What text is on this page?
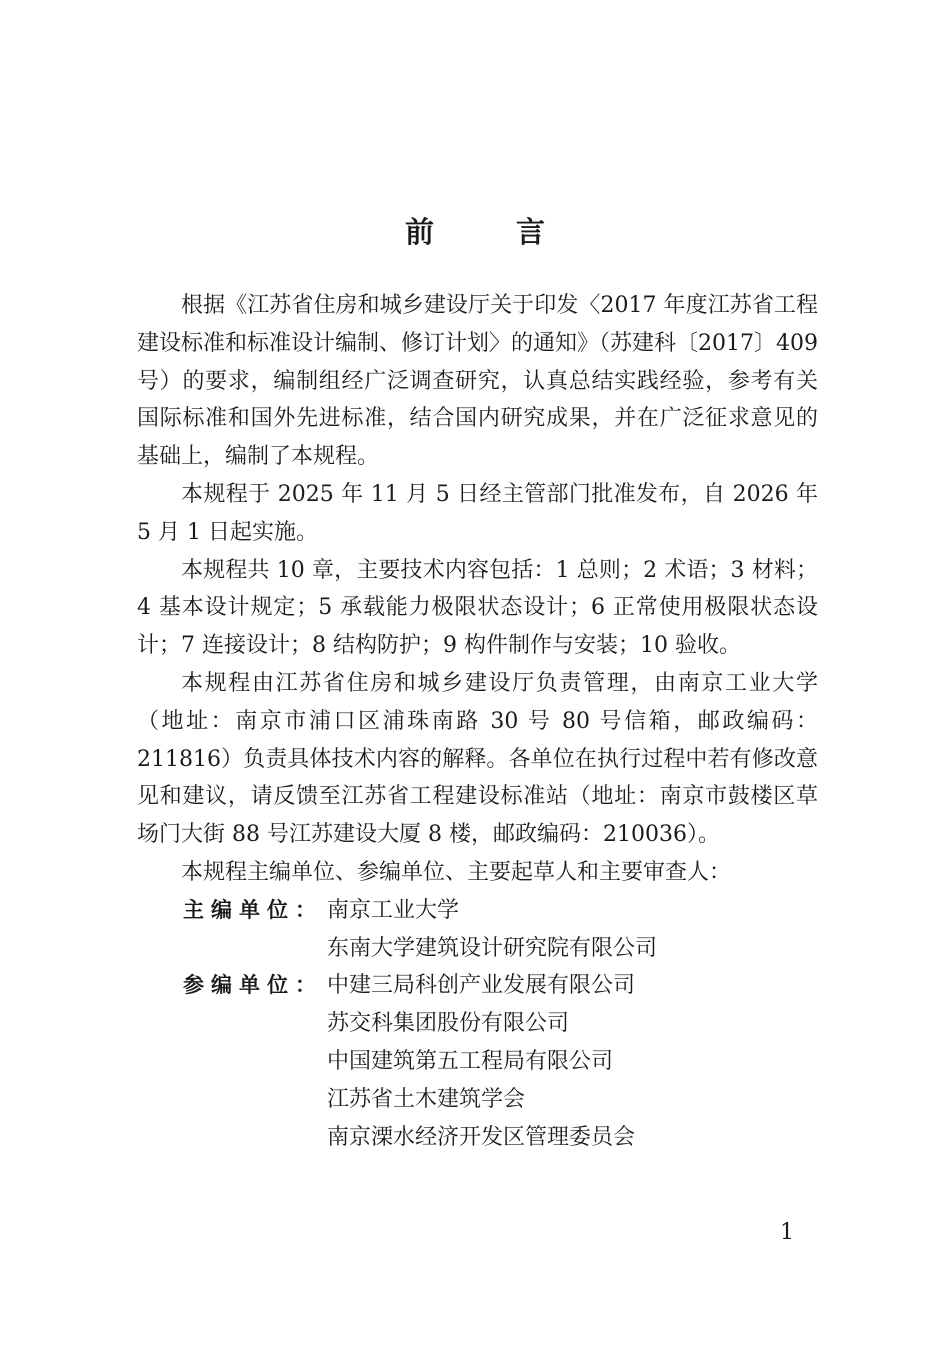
前 言

根据《江苏省住房和城乡建设厅关于印发〈2017 年度江苏省工程建设标准和标准设计编制、修订计划〉的通知》（苏建科〔2017〕409 号）的要求，编制组经广泛调查研究，认真总结实践经验，参考有关国际标准和国外先进标准，结合国内研究成果，并在广泛征求意见的基础上，编制了本规程。

本规程于 2025 年 11 月 5 日经主管部门批准发布，自 2026 年 5 月 1 日起实施。

本规程共 10 章，主要技术内容包括：1 总则；2 术语；3 材料；4 基本设计规定；5 承载能力极限状态设计；6 正常使用极限状态设计；7 连接设计；8 结构防护；9 构件制作与安装；10 验收。

本规程由江苏省住房和城乡建设厅负责管理，由南京工业大学（地址：南京市浦口区浦珠南路 30 号 80 号信箱，邮政编码：211816）负责具体技术内容的解释。各单位在执行过程中若有修改意见和建议，请反馈至江苏省工程建设标准站（地址：南京市鼓楼区草场门大街 88 号江苏建设大厦 8 楼，邮政编码：210036）。

本规程主编单位、参编单位、主要起草人和主要审查人：

主编单位： 南京工业大学
东南大学建筑设计研究院有限公司
参编单位： 中建三局科创产业发展有限公司
苏交科集团股份有限公司
中国建筑第五工程局有限公司
江苏省土木建筑学会
南京溧水经济开发区管理委员会
1
